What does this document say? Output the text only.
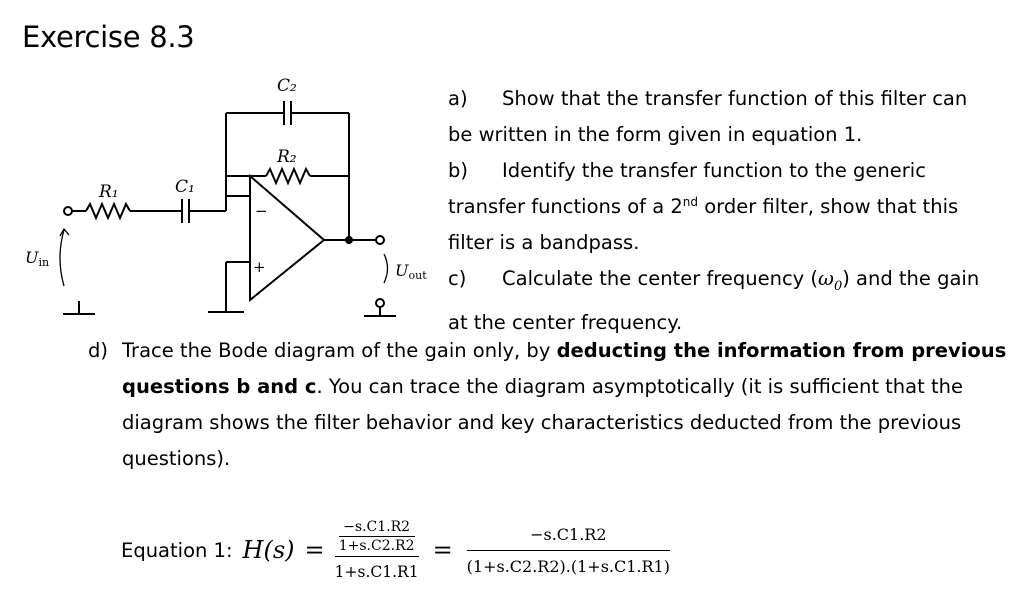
Exercise 8.3
C₂
R₂
R₁	C₁
−
+
Uin	Uout
a) Show that the transfer function of this filter can
be written in the form given in equation 1.
b) Identify the transfer function to the generic
transfer functions of a 2nd order filter, show that this
filter is a bandpass.
c) Calculate the center frequency $(\omega_0)$ and the gain
at the center frequency.
d) Trace the Bode diagram of the gain only, by deducting the information from previous
questions b and c. You can trace the diagram asymptotically (it is sufficient that the
diagram shows the filter behavior and key characteristics deducted from the previous
questions).
Equation 1: $H(s) = \frac{\frac{-s.C1.R2}{1+s.C2.R2}}{1+s.C1.R1} = \frac{-s.C1.R2}{(1+s.C2.R2).(1+s.C1.R1)}$
